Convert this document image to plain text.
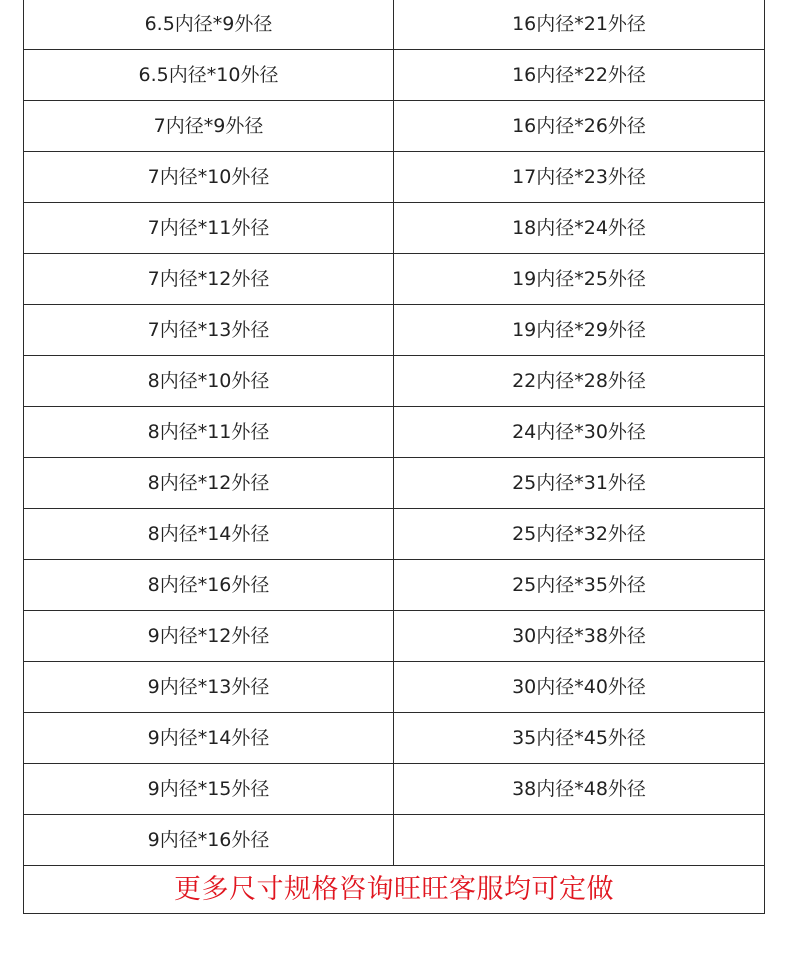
6.5内径*9外径	16内径*21外径
6.5内径*10外径	16内径*22外径
7内径*9外径	16内径*26外径
7内径*10外径	17内径*23外径
7内径*11外径	18内径*24外径
7内径*12外径	19内径*25外径
7内径*13外径	19内径*29外径
8内径*10外径	22内径*28外径
8内径*11外径	24内径*30外径
8内径*12外径	25内径*31外径
8内径*14外径	25内径*32外径
8内径*16外径	25内径*35外径
9内径*12外径	30内径*38外径
9内径*13外径	30内径*40外径
9内径*14外径	35内径*45外径
9内径*15外径	38内径*48外径
9内径*16外径	
更多尺寸规格咨询旺旺客服均可定做	
